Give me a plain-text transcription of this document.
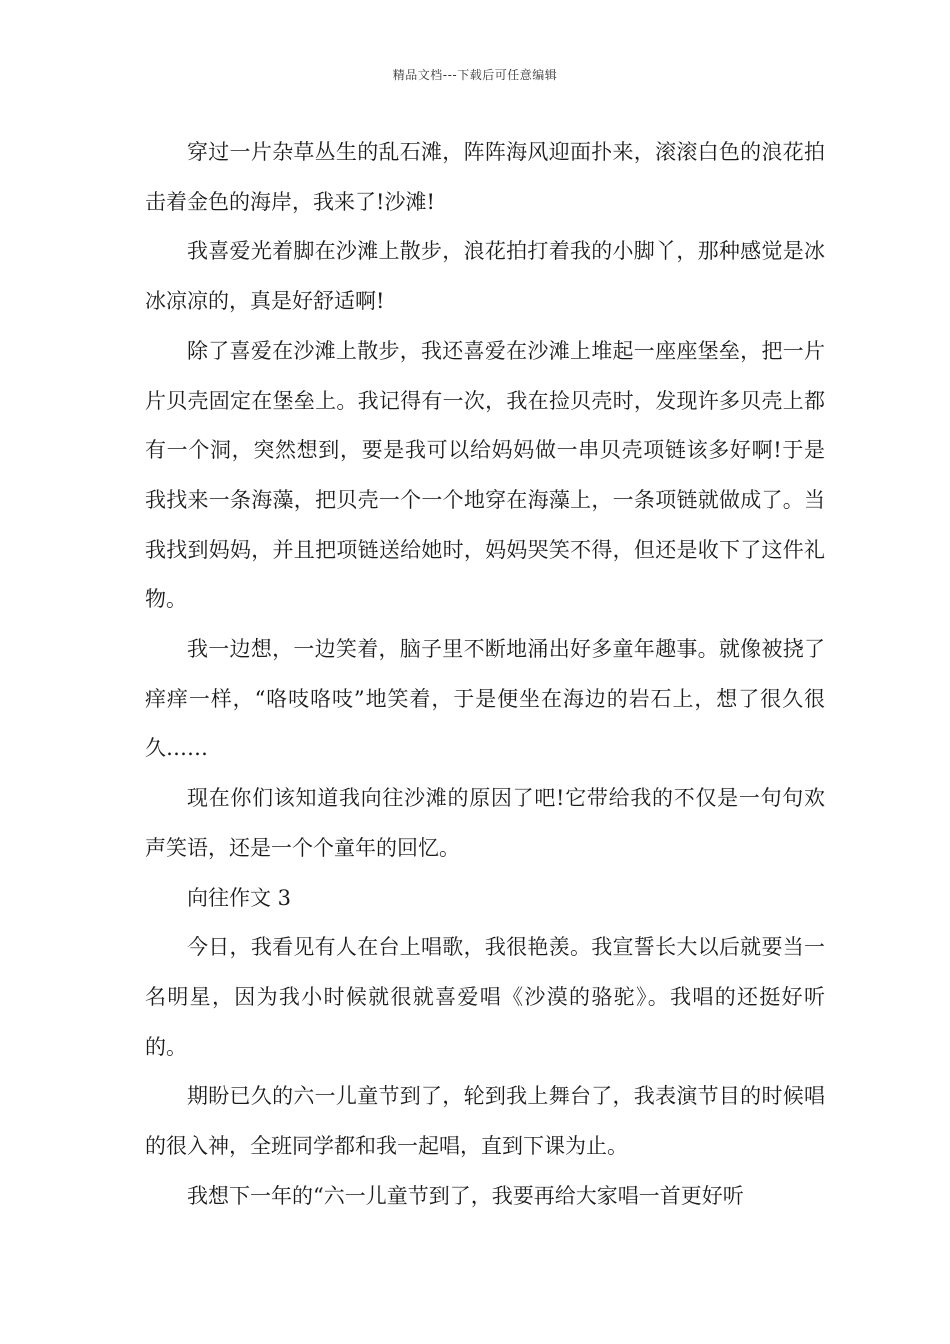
精品文档---下载后可任意编辑

穿过一片杂草丛生的乱石滩，阵阵海风迎面扑来，滚滚白色的浪花拍击着金色的海岸，我来了!沙滩!

我喜爱光着脚在沙滩上散步，浪花拍打着我的小脚丫，那种感觉是冰冰凉凉的，真是好舒适啊!

除了喜爱在沙滩上散步，我还喜爱在沙滩上堆起一座座堡垒，把一片片贝壳固定在堡垒上。我记得有一次，我在捡贝壳时，发现许多贝壳上都有一个洞，突然想到，要是我可以给妈妈做一串贝壳项链该多好啊!于是我找来一条海藻，把贝壳一个一个地穿在海藻上，一条项链就做成了。当我找到妈妈，并且把项链送给她时，妈妈哭笑不得，但还是收下了这件礼物。

我一边想，一边笑着，脑子里不断地涌出好多童年趣事。就像被挠了痒痒一样，“咯吱咯吱”地笑着，于是便坐在海边的岩石上，想了很久很久……

现在你们该知道我向往沙滩的原因了吧!它带给我的不仅是一句句欢声笑语，还是一个个童年的回忆。

向往作文 3

今日，我看见有人在台上唱歌，我很艳羡。我宣誓长大以后就要当一名明星，因为我小时候就很就喜爱唱《沙漠的骆驼》。我唱的还挺好听的。

期盼已久的六一儿童节到了，轮到我上舞台了，我表演节目的时候唱的很入神，全班同学都和我一起唱，直到下课为止。

我想下一年的“六一儿童节到了，我要再给大家唱一首更好听
